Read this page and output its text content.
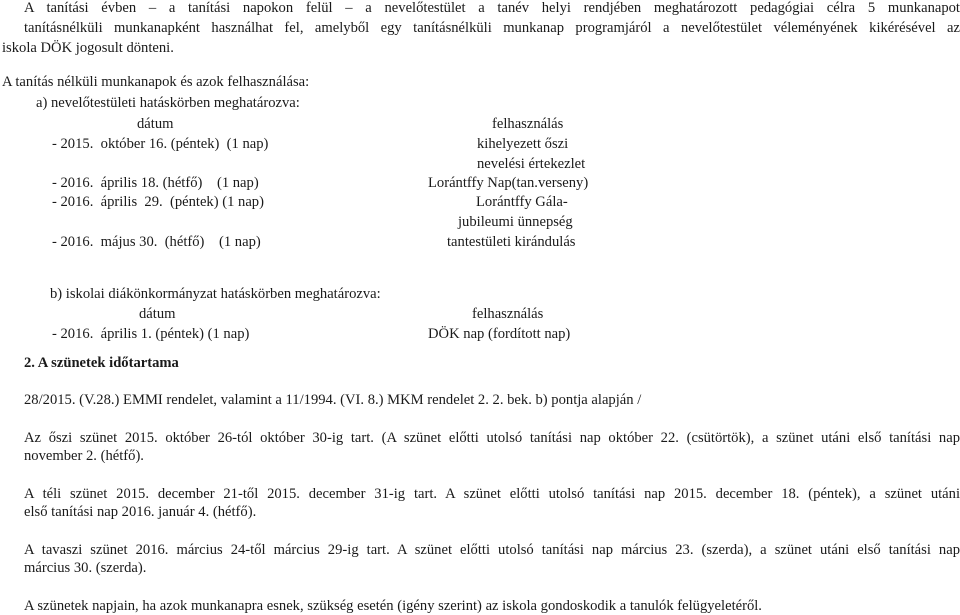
A tanítási évben – a tanítási napokon felül – a nevelőtestület a tanév helyi rendjében meghatározott pedagógiai célra 5 munkanapot
tanításnélküli munkanapként használhat fel, amelyből egy tanításnélküli munkanap programjáról a nevelőtestület véleményének kikérésével az
iskola DÖK jogosult dönteni.
A tanítás nélküli munkanapok és azok felhasználása:
a) nevelőtestületi hatáskörben meghatározva:
dátum	felhasználás
- 2015.  október 16. (péntek)  (1 nap)	kihelyezett őszi
nevelési értekezlet
- 2016.  április 18. (hétfő)    (1 nap)	Lorántffy Nap(tan.verseny)
- 2016.  április  29.  (péntek) (1 nap)	Lorántffy Gála-
jubileumi ünnepség
- 2016.  május 30.  (hétfő)    (1 nap)	tantestületi kirándulás
b) iskolai diákönkormányzat hatáskörben meghatározva:
dátum	felhasználás
- 2016.  április 1. (péntek) (1 nap)	DÖK nap (fordított nap)
2. A szünetek időtartama
28/2015. (V.28.) EMMI rendelet, valamint a 11/1994. (VI. 8.) MKM rendelet 2. 2. bek. b) pontja alapján /
Az őszi szünet 2015. október 26-tól október 30-ig tart. (A szünet előtti utolsó tanítási nap október 22. (csütörtök), a szünet utáni első tanítási nap
november 2. (hétfő).
A téli szünet 2015. december 21-től 2015. december 31-ig tart. A szünet előtti utolsó tanítási nap 2015. december 18. (péntek), a szünet utáni
első tanítási nap 2016. január 4. (hétfő).
A tavaszi szünet 2016. március 24-től március 29-ig tart. A szünet előtti utolsó tanítási nap március 23. (szerda), a szünet utáni első tanítási nap
március 30. (szerda).
A szünetek napjain, ha azok munkanapra esnek, szükség esetén (igény szerint) az iskola gondoskodik a tanulók felügyeletéről.
